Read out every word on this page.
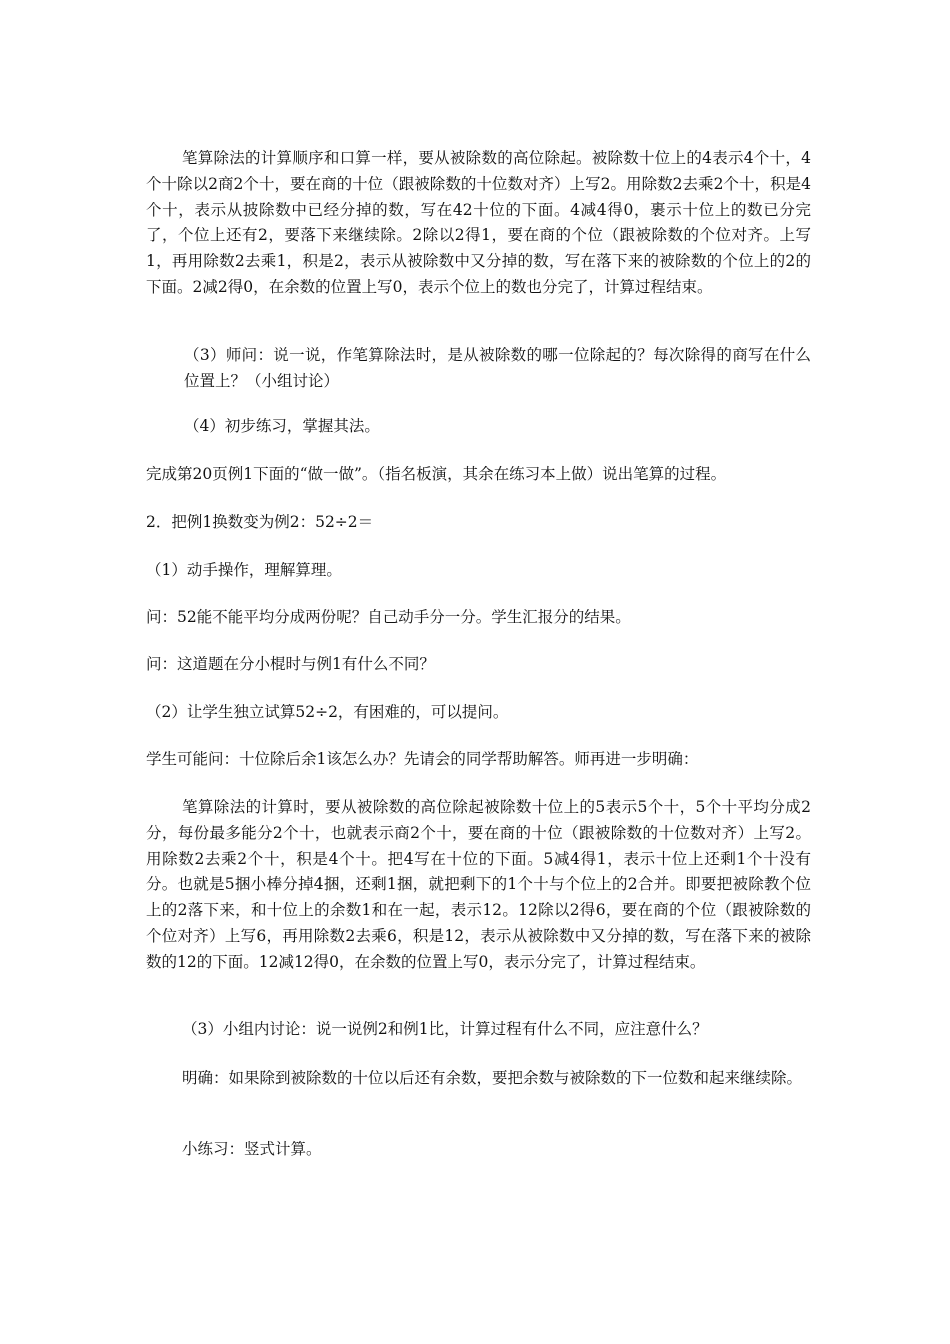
笔算除法的计算顺序和口算一样，要从被除数的高位除起。被除数十位上的4表示4个十，4个十除以2商2个十，要在商的十位（跟被除数的十位数对齐）上写2。用除数2去乘2个十，积是4个十，表示从披除数中已经分掉的数，写在42十位的下面。4减4得0，裹示十位上的数已分完了，个位上还有2，要落下来继续除。2除以2得1，要在商的个位（跟被除数的个位对齐。上写1，再用除数2去乘1，积是2，表示从被除数中又分掉的数，写在落下来的被除数的个位上的2的下面。2减2得0，在余数的位置上写0，表示个位上的数也分完了，计算过程结束。

（3）师问：说一说，作笔算除法时，是从被除数的哪一位除起的？每次除得的商写在什么位置上？（小组讨论）

（4）初步练习，掌握其法。

完成第20页例1下面的“做一做”。（指名板演，其余在练习本上做）说出笔算的过程。

2．把例1换数变为例2：52÷2＝

（1）动手操作，理解算理。

问：52能不能平均分成两份呢？自己动手分一分。学生汇报分的结果。

问：这道题在分小棍时与例1有什么不同？

（2）让学生独立试算52÷2，有困难的，可以提问。

学生可能问：十位除后余1该怎么办？先请会的同学帮助解答。师再进一步明确：

笔算除法的计算时，要从被除数的高位除起被除数十位上的5表示5个十，5个十平均分成2分，每份最多能分2个十，也就表示商2个十，要在商的十位（跟被除数的十位数对齐）上写2。用除数2去乘2个十，积是4个十。把4写在十位的下面。5减4得1，表示十位上还剩1个十没有分。也就是5捆小棒分掉4捆，还剩1捆，就把剩下的1个十与个位上的2合并。即要把被除教个位上的2落下来，和十位上的余数1和在一起，表示12。12除以2得6，要在商的个位（跟被除数的个位对齐）上写6，再用除数2去乘6，积是12，表示从被除数中又分掉的数，写在落下来的被除数的12的下面。12减12得0，在余数的位置上写0，表示分完了，计算过程结束。

（3）小组内讨论：说一说例2和例1比，计算过程有什么不同，应注意什么？

明确：如果除到被除数的十位以后还有余数，要把余数与被除数的下一位数和起来继续除。

小练习：竖式计算。
